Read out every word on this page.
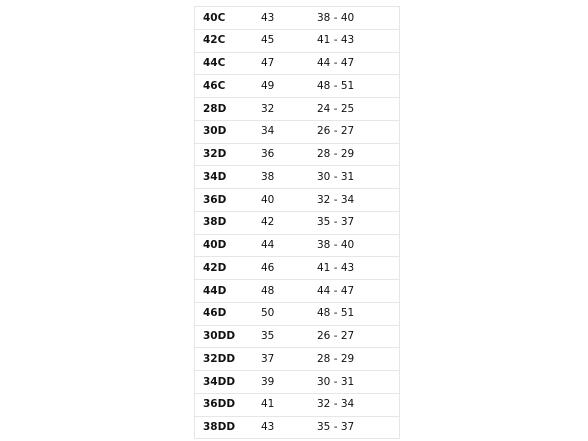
40C	43	38 - 40
42C	45	41 - 43
44C	47	44 - 47
46C	49	48 - 51
28D	32	24 - 25
30D	34	26 - 27
32D	36	28 - 29
34D	38	30 - 31
36D	40	32 - 34
38D	42	35 - 37
40D	44	38 - 40
42D	46	41 - 43
44D	48	44 - 47
46D	50	48 - 51
30DD	35	26 - 27
32DD	37	28 - 29
34DD	39	30 - 31
36DD	41	32 - 34
38DD	43	35 - 37
